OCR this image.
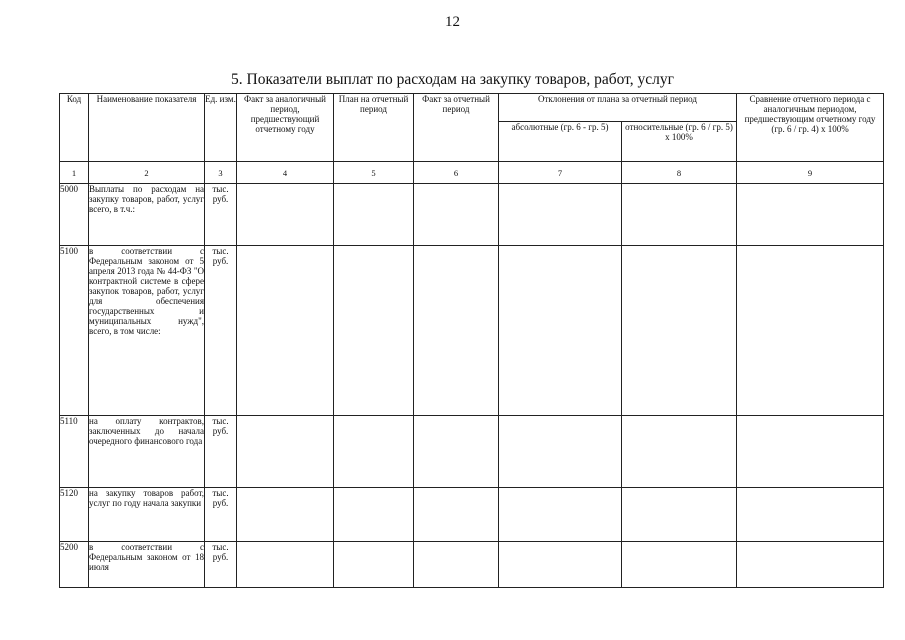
12
5. Показатели выплат по расходам на закупку товаров, работ, услуг
Код	Наименование показателя	Ед. изм.	Факт за аналогичный период, предшествующий отчетному году	План на отчетный период	Факт за отчетный период	Отклонения от плана за отчетный период		Сравнение отчетного периода с аналогичным периодом, предшествующим отчетному году (гр. 6 / гр. 4) x 100%
						абсолютные (гр. 6 - гр. 5)	относительные (гр. 6 / гр. 5) x 100%	
1	2	3	4	5	6	7	8	9
5000	Выплаты по расходам на закупку товаров, работ, услуг всего, в т.ч.:	тыс. руб.						
5100	в соответствии с Федеральным законом от 5 апреля 2013 года № 44-ФЗ "О контрактной системе в сфере закупок товаров, работ, услуг для обеспечения государственных и муниципальных нужд", всего, в том числе:	тыс. руб.						
5110	на оплату контрактов, заключенных до начала очередного финансового года	тыс. руб.						
5120	на закупку товаров работ, услуг по году начала закупки	тыс. руб.						
5200	в соответствии с Федеральным законом от 18 июля	тыс. руб.						
